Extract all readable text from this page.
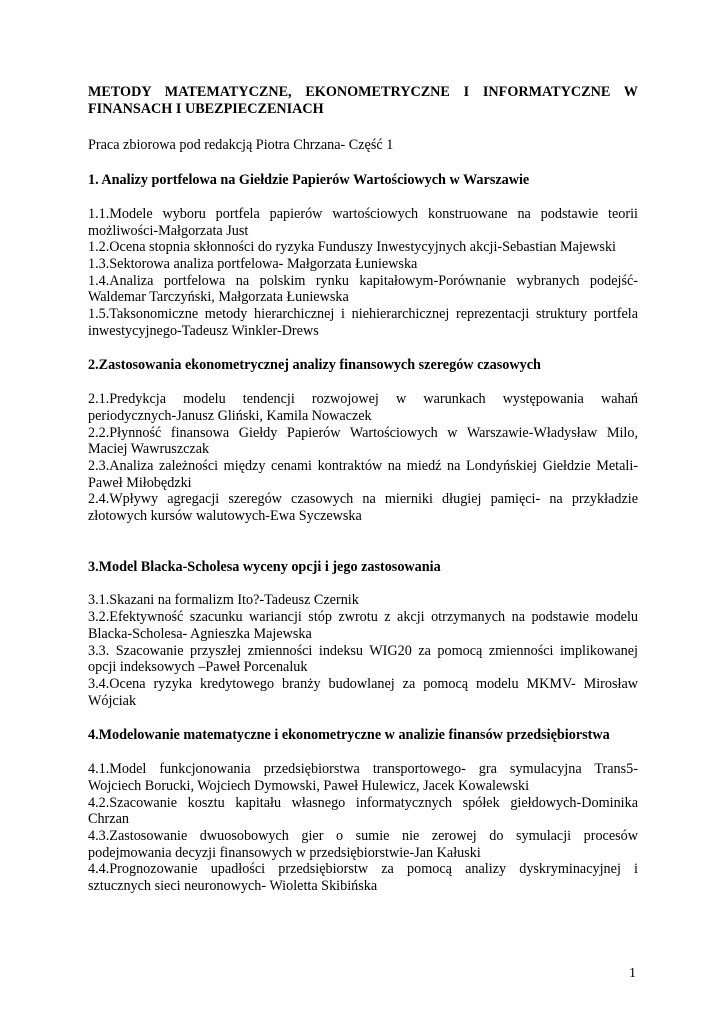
METODY MATEMATYCZNE, EKONOMETRYCZNE I INFORMATYCZNE W
FINANSACH I UBEZPIECZENIACH

Praca zbiorowa pod redakcją Piotra Chrzana- Część 1

1. Analizy portfelowa na Giełdzie Papierów Wartościowych w Warszawie

1.1.Modele wyboru portfela papierów wartościowych konstruowane na podstawie teorii
możliwości-Małgorzata Just

1.2.Ocena stopnia skłonności do ryzyka Funduszy Inwestycyjnych akcji-Sebastian Majewski

1.3.Sektorowa analiza portfelowa- Małgorzata Łuniewska

1.4.Analiza portfelowa na polskim rynku kapitałowym-Porównanie wybranych podejść-
Waldemar Tarczyński, Małgorzata Łuniewska

1.5.Taksonomiczne metody hierarchicznej i niehierarchicznej reprezentacji struktury portfela
inwestycyjnego-Tadeusz Winkler-Drews

2.Zastosowania ekonometrycznej analizy finansowych szeregów czasowych

2.1.Predykcja modelu tendencji rozwojowej w warunkach występowania wahań
periodycznych-Janusz Gliński, Kamila Nowaczek

2.2.Płynność finansowa Giełdy Papierów Wartościowych w Warszawie-Władysław Milo,
Maciej Wawruszczak

2.3.Analiza zależności między cenami kontraktów na miedź na Londyńskiej Giełdzie Metali-
Paweł Miłobędzki

2.4.Wpływy agregacji szeregów czasowych na mierniki długiej pamięci- na przykładzie
złotowych kursów walutowych-Ewa Syczewska

3.Model Blacka-Scholesa wyceny opcji i jego zastosowania

3.1.Skazani na formalizm Ito?-Tadeusz Czernik

3.2.Efektywność szacunku wariancji stóp zwrotu z akcji otrzymanych na podstawie modelu
Blacka-Scholesa- Agnieszka Majewska

3.3. Szacowanie przyszłej zmienności indeksu WIG20 za pomocą zmienności implikowanej
opcji indeksowych –Paweł Porcenaluk

3.4.Ocena ryzyka kredytowego branży budowlanej za pomocą modelu MKMV- Mirosław
Wójciak

4.Modelowanie matematyczne i ekonometryczne w analizie finansów przedsiębiorstwa

4.1.Model funkcjonowania przedsiębiorstwa transportowego- gra symulacyjna Trans5-
Wojciech Borucki, Wojciech Dymowski, Paweł Hulewicz, Jacek Kowalewski

4.2.Szacowanie kosztu kapitału własnego informatycznych spółek giełdowych-Dominika
Chrzan

4.3.Zastosowanie dwuosobowych gier o sumie nie zerowej do symulacji procesów
podejmowania decyzji finansowych w przedsiębiorstwie-Jan Kałuski

4.4.Prognozowanie upadłości przedsiębiorstw za pomocą analizy dyskryminacyjnej i
sztucznych sieci neuronowych- Wioletta Skibińska

1
